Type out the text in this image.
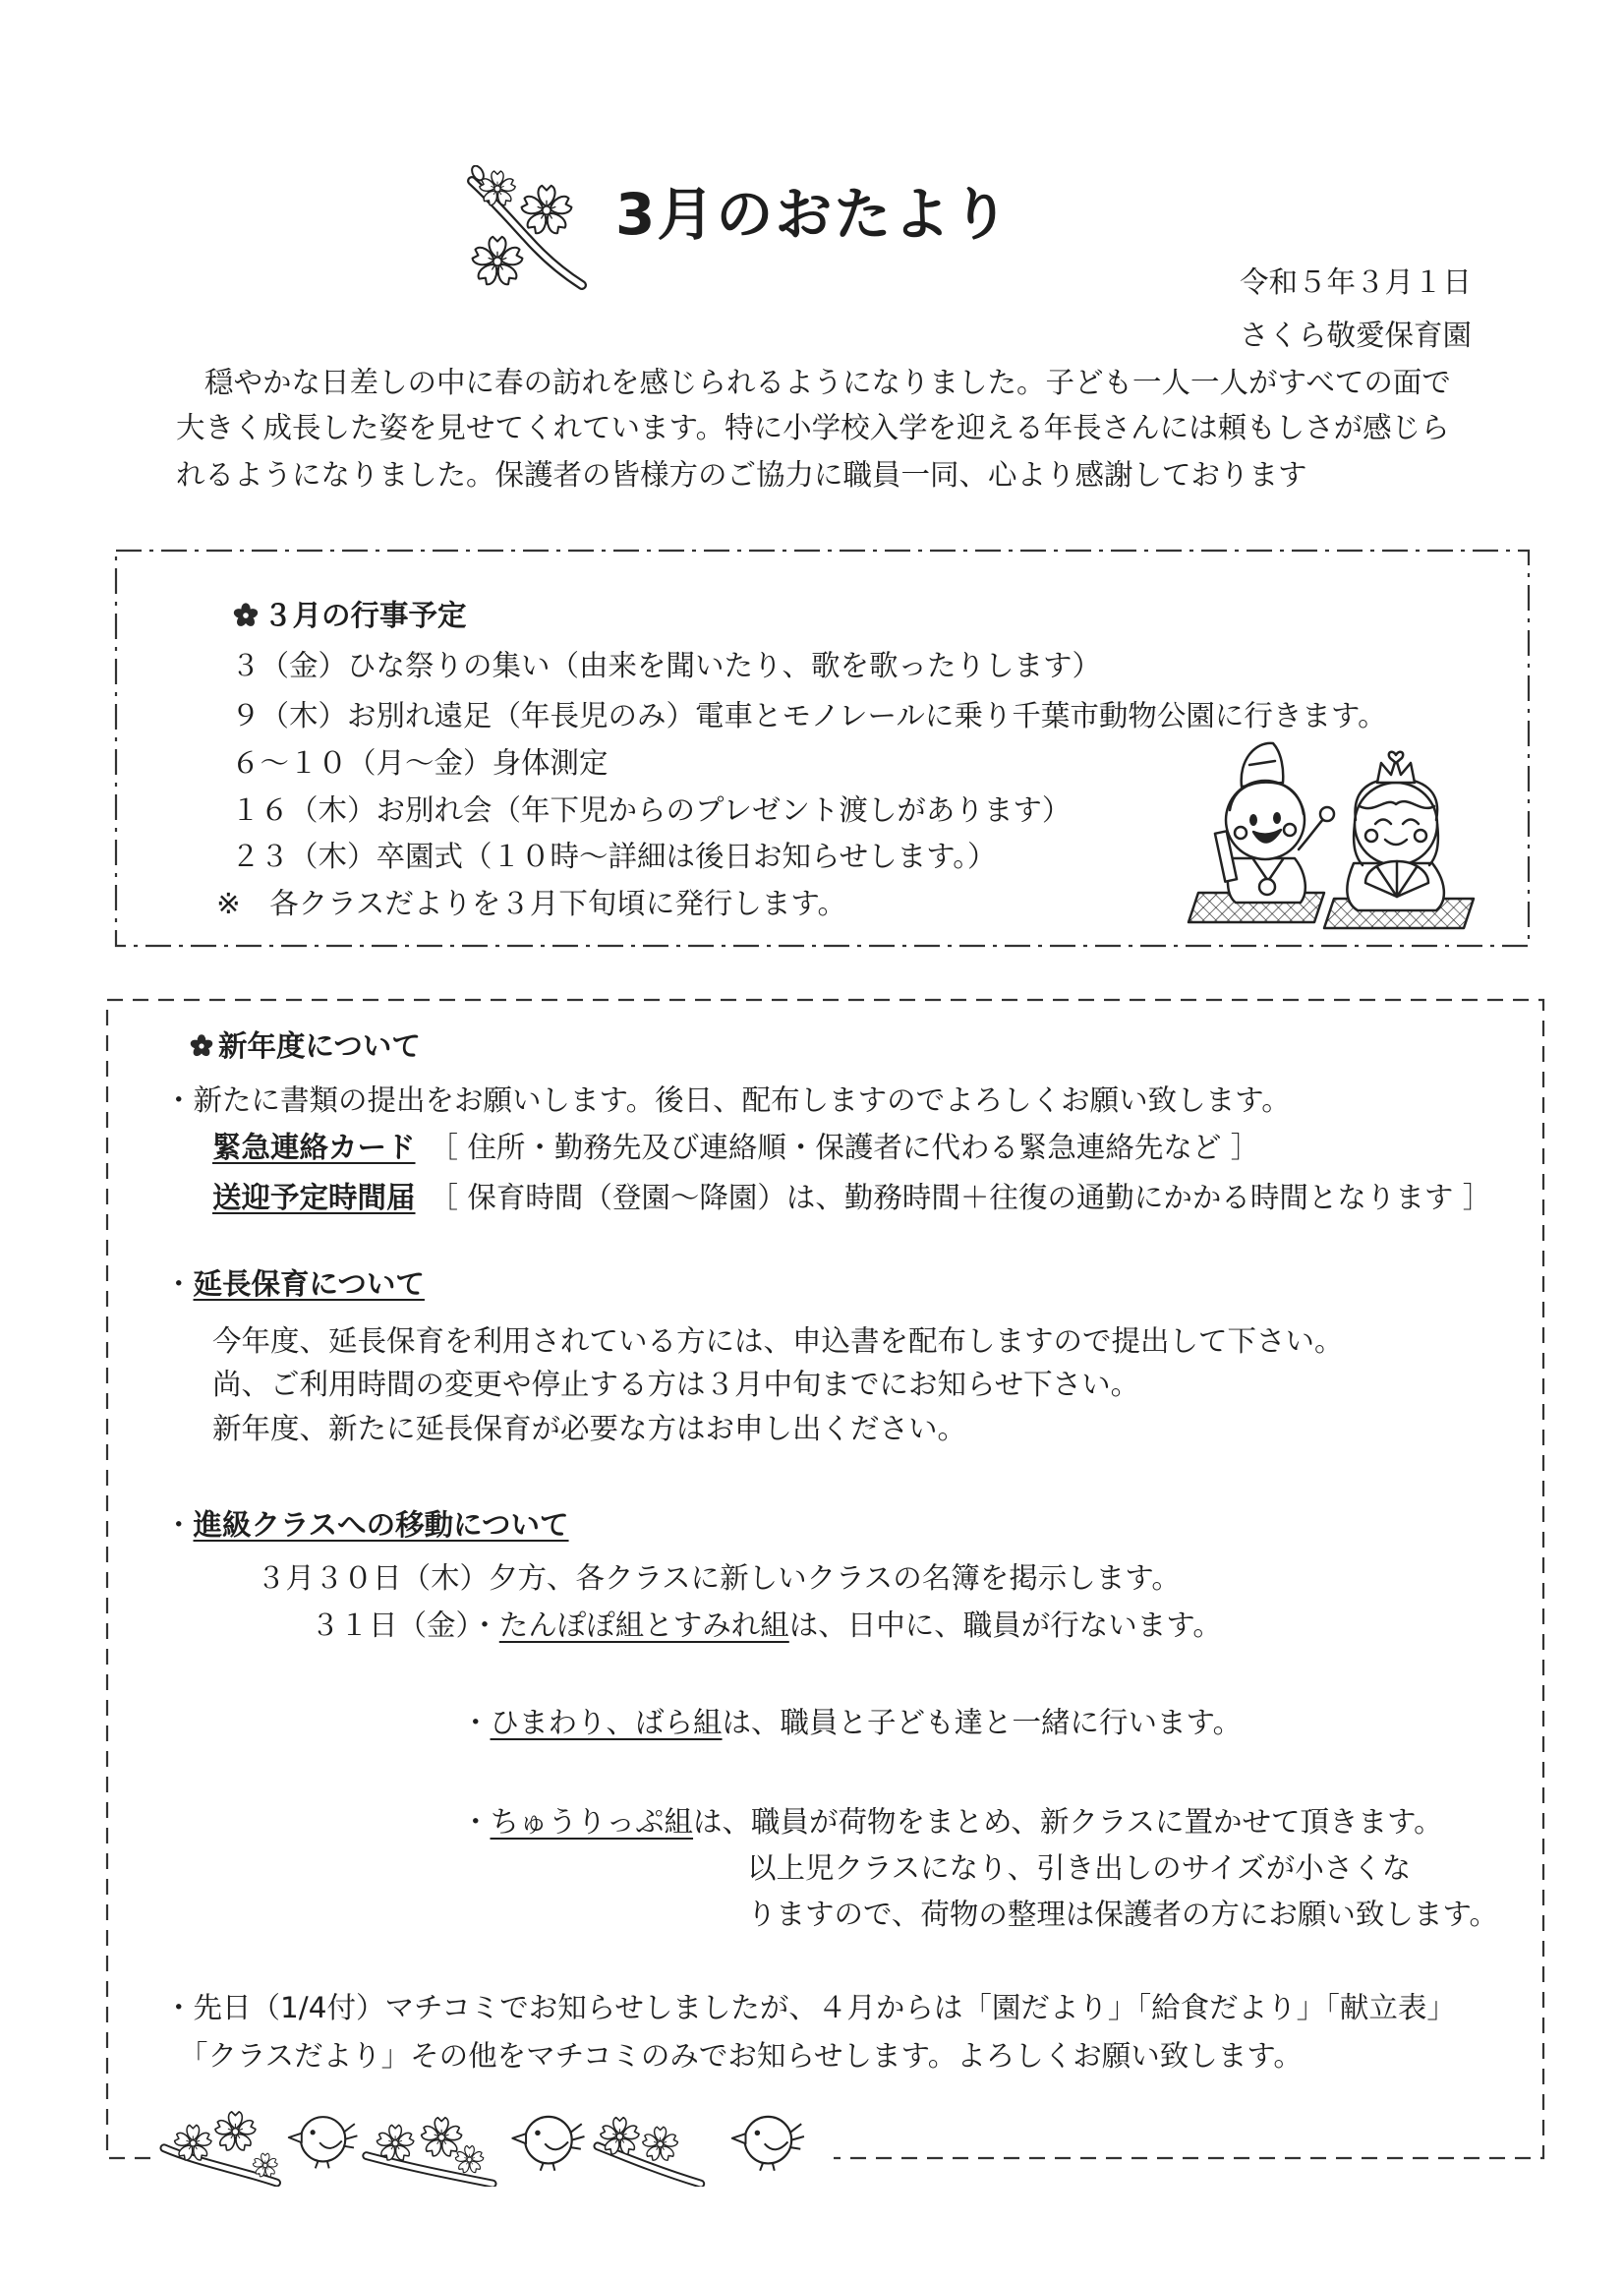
3月のおたより
令和５年３月１日
さくら敬愛保育園
穏やかな日差しの中に春の訪れを感じられるようになりました。子ども一人一人がすべての面で
大きく成長した姿を見せてくれています。特に小学校入学を迎える年長さんには頼もしさが感じら
れるようになりました。保護者の皆様方のご協力に職員一同、心より感謝しております
３月の行事予定
３（金）ひな祭りの集い（由来を聞いたり、歌を歌ったりします）
９（木）お別れ遠足（年長児のみ）電車とモノレールに乗り千葉市動物公園に行きます。
６～１０（月～金）身体測定
１６（木）お別れ会（年下児からのプレゼント渡しがあります）
２３（木）卒園式（１０時～詳細は後日お知らせします。）
※　各クラスだよりを３月下旬頃に発行します。
新年度について
・新たに書類の提出をお願いします。後日、配布しますのでよろしくお願い致します。
緊急連絡カード ［ 住所・勤務先及び連絡順・保護者に代わる緊急連絡先など ］
送迎予定時間届 ［ 保育時間（登園～降園）は、勤務時間＋往復の通勤にかかる時間となります ］
・延長保育について
今年度、延長保育を利用されている方には、申込書を配布しますので提出して下さい。
尚、ご利用時間の変更や停止する方は３月中旬までにお知らせ下さい。
新年度、新たに延長保育が必要な方はお申し出ください。
・進級クラスへの移動について
３月３０日（木）夕方、各クラスに新しいクラスの名簿を掲示します。
３１日（金）・たんぽぽ組とすみれ組は、日中に、職員が行ないます。
・ひまわり、ばら組は、職員と子ども達と一緒に行います。
・ちゅうりっぷ組は、職員が荷物をまとめ、新クラスに置かせて頂きます。
以上児クラスになり、引き出しのサイズが小さくな
りますので、荷物の整理は保護者の方にお願い致します。
・先日（1/4付）マチコミでお知らせしましたが、４月からは「園だより」「給食だより」「献立表」
「クラスだより」その他をマチコミのみでお知らせします。よろしくお願い致します。
